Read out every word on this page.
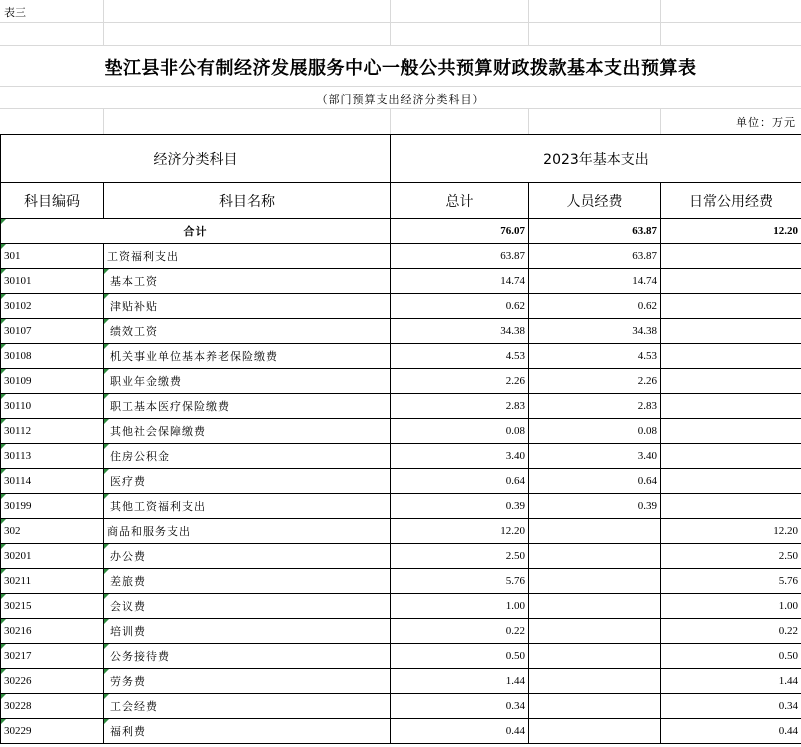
表三
垫江县非公有制经济发展服务中心一般公共预算财政拨款基本支出预算表
（部门预算支出经济分类科目）
单位：万元
经济分类科目		2023年基本支出		
科目编码	科目名称	总计	人员经费	日常公用经费

合计		76.07	63.87	12.20

301	工资福利支出	63.87	63.87	

30101	基本工资	14.74	14.74	

30102	津贴补贴	0.62	0.62	

30107	绩效工资	34.38	34.38	

30108	机关事业单位基本养老保险缴费	4.53	4.53	

30109	职业年金缴费	2.26	2.26	

30110	职工基本医疗保险缴费	2.83	2.83	

30112	其他社会保障缴费	0.08	0.08	

30113	住房公积金	3.40	3.40	

30114	医疗费	0.64	0.64	

30199	其他工资福利支出	0.39	0.39	

302	商品和服务支出	12.20		12.20

30201	办公费	2.50		2.50

30211	差旅费	5.76		5.76

30215	会议费	1.00		1.00

30216	培训费	0.22		0.22

30217	公务接待费	0.50		0.50

30226	劳务费	1.44		1.44

30228	工会经费	0.34		0.34

30229	福利费	0.44		0.44
